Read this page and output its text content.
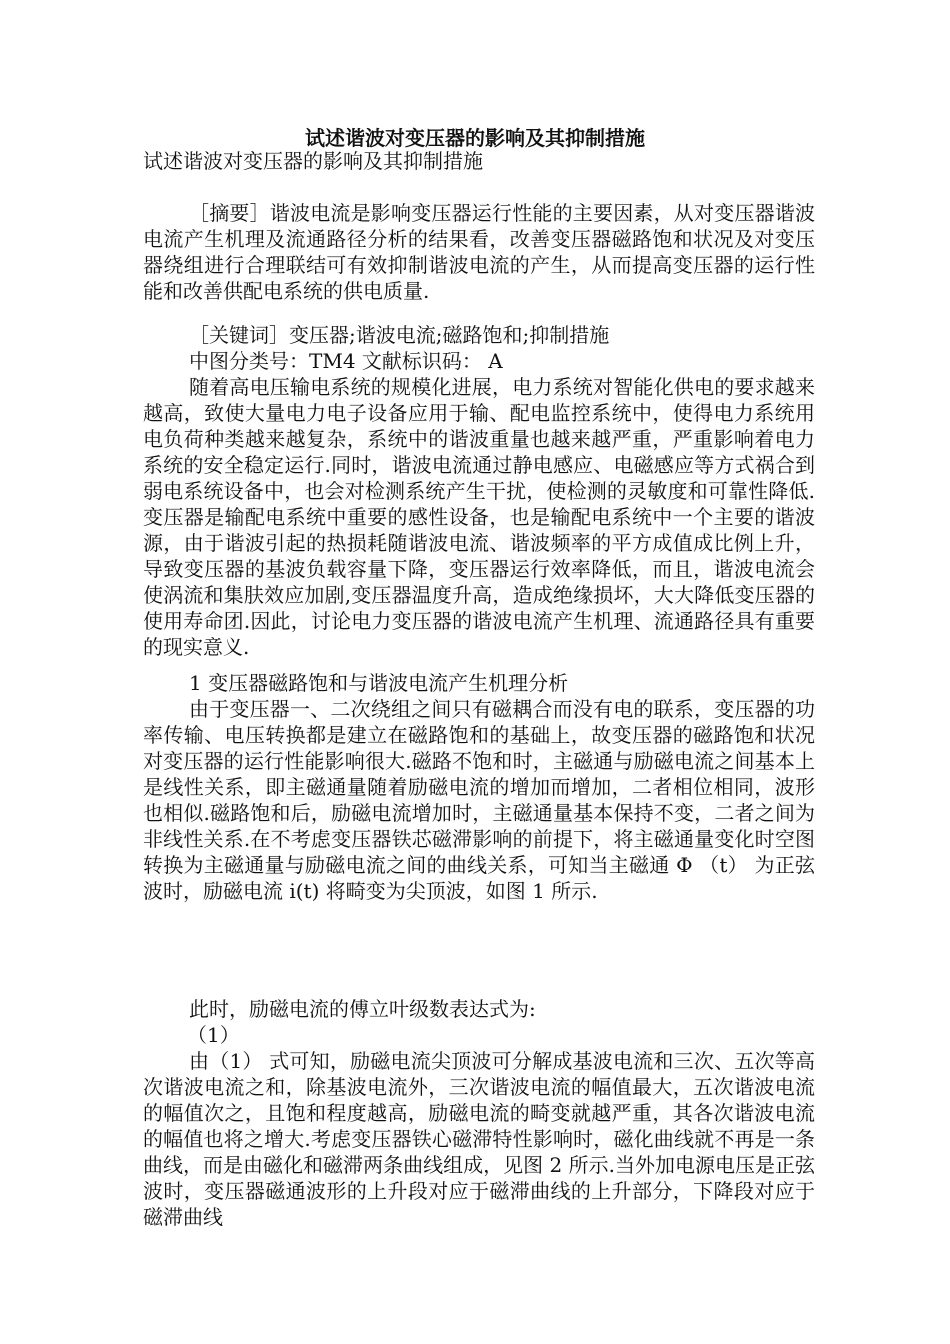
试述谐波对变压器的影响及其抑制措施

试述谐波对变压器的影响及其抑制措施

［摘要］谐波电流是影响变压器运行性能的主要因素，从对变压器谐波电流产生机理及流通路径分析的结果看，改善变压器磁路饱和状况及对变压器绕组进行合理联结可有效抑制谐波电流的产生，从而提高变压器的运行性能和改善供配电系统的供电质量.

［关键词］变压器;谐波电流;磁路饱和;抑制措施

中图分类号：TM4 文献标识码： A

随着高电压输电系统的规模化进展，电力系统对智能化供电的要求越来越高，致使大量电力电子设备应用于输、配电监控系统中，使得电力系统用电负荷种类越来越复杂，系统中的谐波重量也越来越严重，严重影响着电力系统的安全稳定运行.同时，谐波电流通过静电感应、电磁感应等方式祸合到弱电系统设备中，也会对检测系统产生干扰，使检测的灵敏度和可靠性降低.变压器是输配电系统中重要的感性设备，也是输配电系统中一个主要的谐波源，由于谐波引起的热损耗随谐波电流、谐波频率的平方成值成比例上升，导致变压器的基波负载容量下降，变压器运行效率降低，而且，谐波电流会使涡流和集肤效应加剧,变压器温度升高，造成绝缘损坏，大大降低变压器的使用寿命团.因此，讨论电力变压器的谐波电流产生机理、流通路径具有重要的现实意义.

1 变压器磁路饱和与谐波电流产生机理分析

由于变压器一、二次绕组之间只有磁耦合而没有电的联系，变压器的功率传输、电压转换都是建立在磁路饱和的基础上，故变压器的磁路饱和状况对变压器的运行性能影响很大.磁路不饱和时，主磁通与励磁电流之间基本上是线性关系，即主磁通量随着励磁电流的增加而增加，二者相位相同，波形也相似.磁路饱和后，励磁电流增加时，主磁通量基本保持不变，二者之间为非线性关系.在不考虑变压器铁芯磁滞影响的前提下，将主磁通量变化时空图转换为主磁通量与励磁电流之间的曲线关系，可知当主磁通 Φ （t） 为正弦波时，励磁电流 i(t) 将畸变为尖顶波，如图 1 所示.

此时，励磁电流的傅立叶级数表达式为:

（1）

由（1） 式可知，励磁电流尖顶波可分解成基波电流和三次、五次等高次谐波电流之和，除基波电流外，三次谐波电流的幅值最大，五次谐波电流的幅值次之，且饱和程度越高，励磁电流的畸变就越严重，其各次谐波电流的幅值也将之增大.考虑变压器铁心磁滞特性影响时，磁化曲线就不再是一条曲线，而是由磁化和磁滞两条曲线组成，见图 2 所示.当外加电源电压是正弦波时，变压器磁通波形的上升段对应于磁滞曲线的上升部分，下降段对应于磁滞曲线
